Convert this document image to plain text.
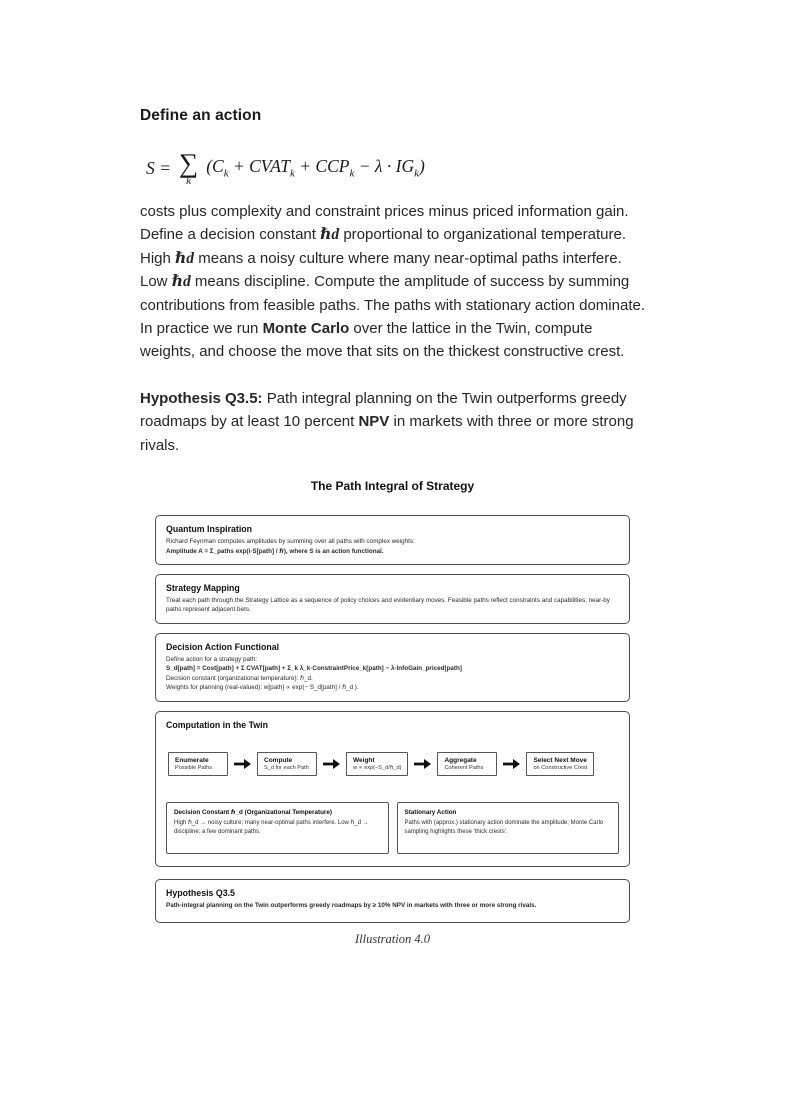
Define an action
S = ∑
k
($C_k$ + $CVAT_k + CCP_k - \lambda \cdot IG_k$)

costs plus complexity and constraint prices minus priced information gain. Define a decision constant ℏd proportional to organizational temperature. High ℏd means a noisy culture where many near-optimal paths interfere. Low ℏd means discipline. Compute the amplitude of success by summing contributions from feasible paths. The paths with stationary action dominate. In practice we run Monte Carlo over the lattice in the Twin, compute weights, and choose the move that sits on the thickest constructive crest.

Hypothesis Q3.5: Path integral planning on the Twin outperforms greedy roadmaps by at least 10 percent NPV in markets with three or more strong rivals.

The Path Integral of Strategy
Quantum Inspiration
Richard Feynman computes amplitudes by summing over all paths with complex weights:
Amplitude A = Σ_paths exp(i·S[path] / ℏ), where S is an action functional.
Strategy Mapping
Treat each path through the Strategy Lattice as a sequence of policy choices and evidentiary moves. Feasible paths reflect constraints and capabilities; near-by paths represent adjacent bets.
Decision Action Functional
Define action for a strategy path:
S_d[path] = Cost[path] + Σ CVAT[path] + Σ_k λ_k·ConstraintPrice_k[path] − λ·InfoGain_priced[path]
Decision constant (organizational temperature): ℏ_d.
Weights for planning (real-valued): w[path] ∝ exp(− S_d[path] / ℏ_d ).
Computation in the Twin
Enumerate
Possible Paths
Compute
S_d for each Path
Weight
w ∝ exp(−S_d/ℏ_d)
Aggregate
Coherent Paths
Select Next Move
on Constructive Crest
Decision Constant ℏ_d (Organizational Temperature)
High ℏ_d → noisy culture; many near-optimal paths interfere. Low ℏ_d → discipline; a few dominant paths.
Stationary Action
Paths with (approx.) stationary action dominate the amplitude; Monte Carlo sampling highlights these 'thick crests'.
Hypothesis Q3.5
Path-integral planning on the Twin outperforms greedy roadmaps by ≥ 10% NPV in markets with three or more strong rivals.
Illustration 4.0
